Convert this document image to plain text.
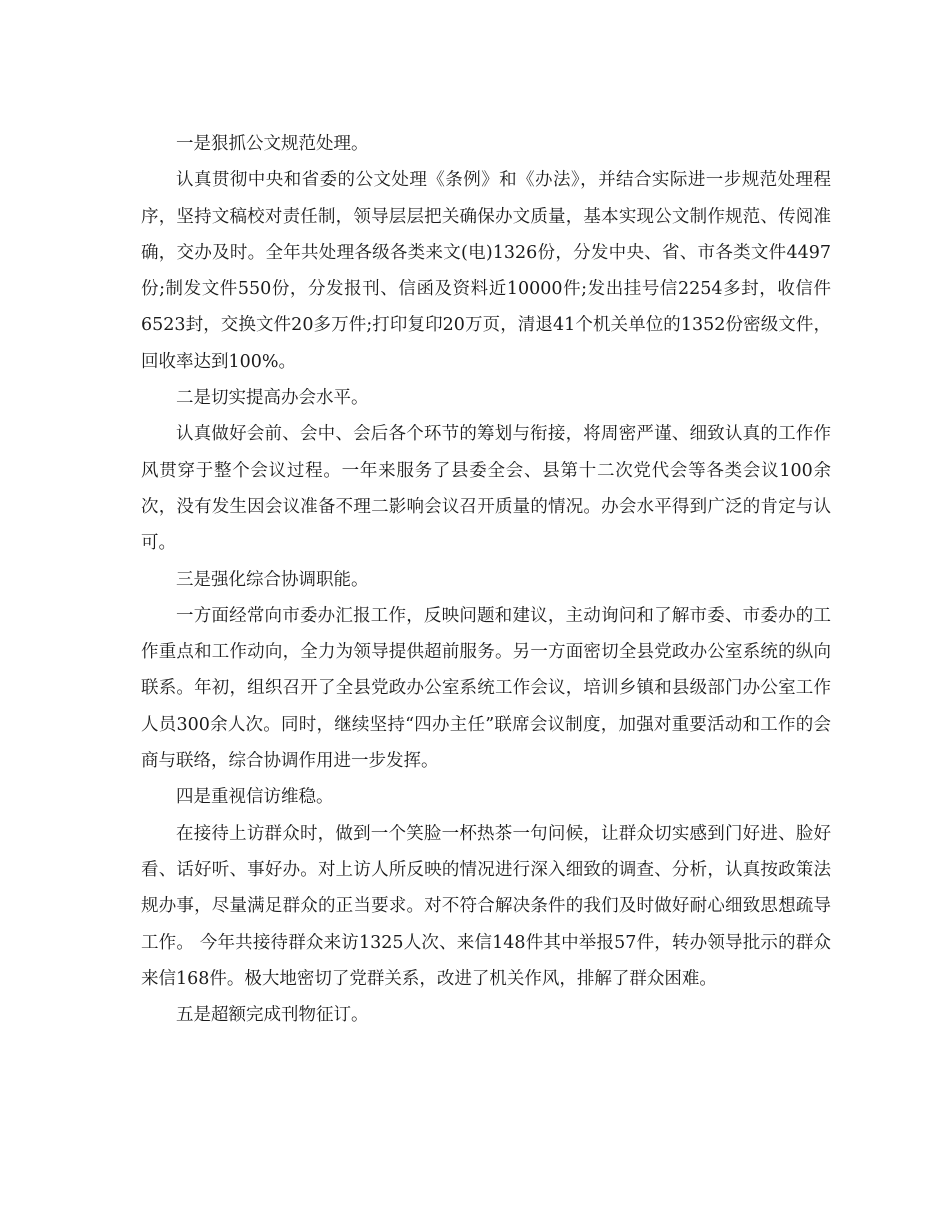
一是狠抓公文规范处理。

认真贯彻中央和省委的公文处理《条例》和《办法》，并结合实际进一步规范处理程序，坚持文稿校对责任制，领导层层把关确保办文质量，基本实现公文制作规范、传阅准确，交办及时。全年共处理各级各类来文(电)1326份，分发中央、省、市各类文件4497份;制发文件550份，分发报刊、信函及资料近10000件;发出挂号信2254多封，收信件6523封，交换文件20多万件;打印复印20万页，清退41个机关单位的1352份密级文件，回收率达到100%。

二是切实提高办会水平。

认真做好会前、会中、会后各个环节的筹划与衔接，将周密严谨、细致认真的工作作风贯穿于整个会议过程。一年来服务了县委全会、县第十二次党代会等各类会议100余次，没有发生因会议准备不理二影响会议召开质量的情况。办会水平得到广泛的肯定与认可。

三是强化综合协调职能。

一方面经常向市委办汇报工作，反映问题和建议，主动询问和了解市委、市委办的工作重点和工作动向，全力为领导提供超前服务。另一方面密切全县党政办公室系统的纵向联系。年初，组织召开了全县党政办公室系统工作会议，培训乡镇和县级部门办公室工作人员300余人次。同时，继续坚持“四办主任”联席会议制度，加强对重要活动和工作的会商与联络，综合协调作用进一步发挥。

四是重视信访维稳。

在接待上访群众时，做到一个笑脸一杯热茶一句问候，让群众切实感到门好进、脸好看、话好听、事好办。对上访人所反映的情况进行深入细致的调查、分析，认真按政策法规办事，尽量满足群众的正当要求。对不符合解决条件的我们及时做好耐心细致思想疏导工作。 今年共接待群众来访1325人次、来信148件其中举报57件，转办领导批示的群众来信168件。极大地密切了党群关系，改进了机关作风，排解了群众困难。

五是超额完成刊物征订。
